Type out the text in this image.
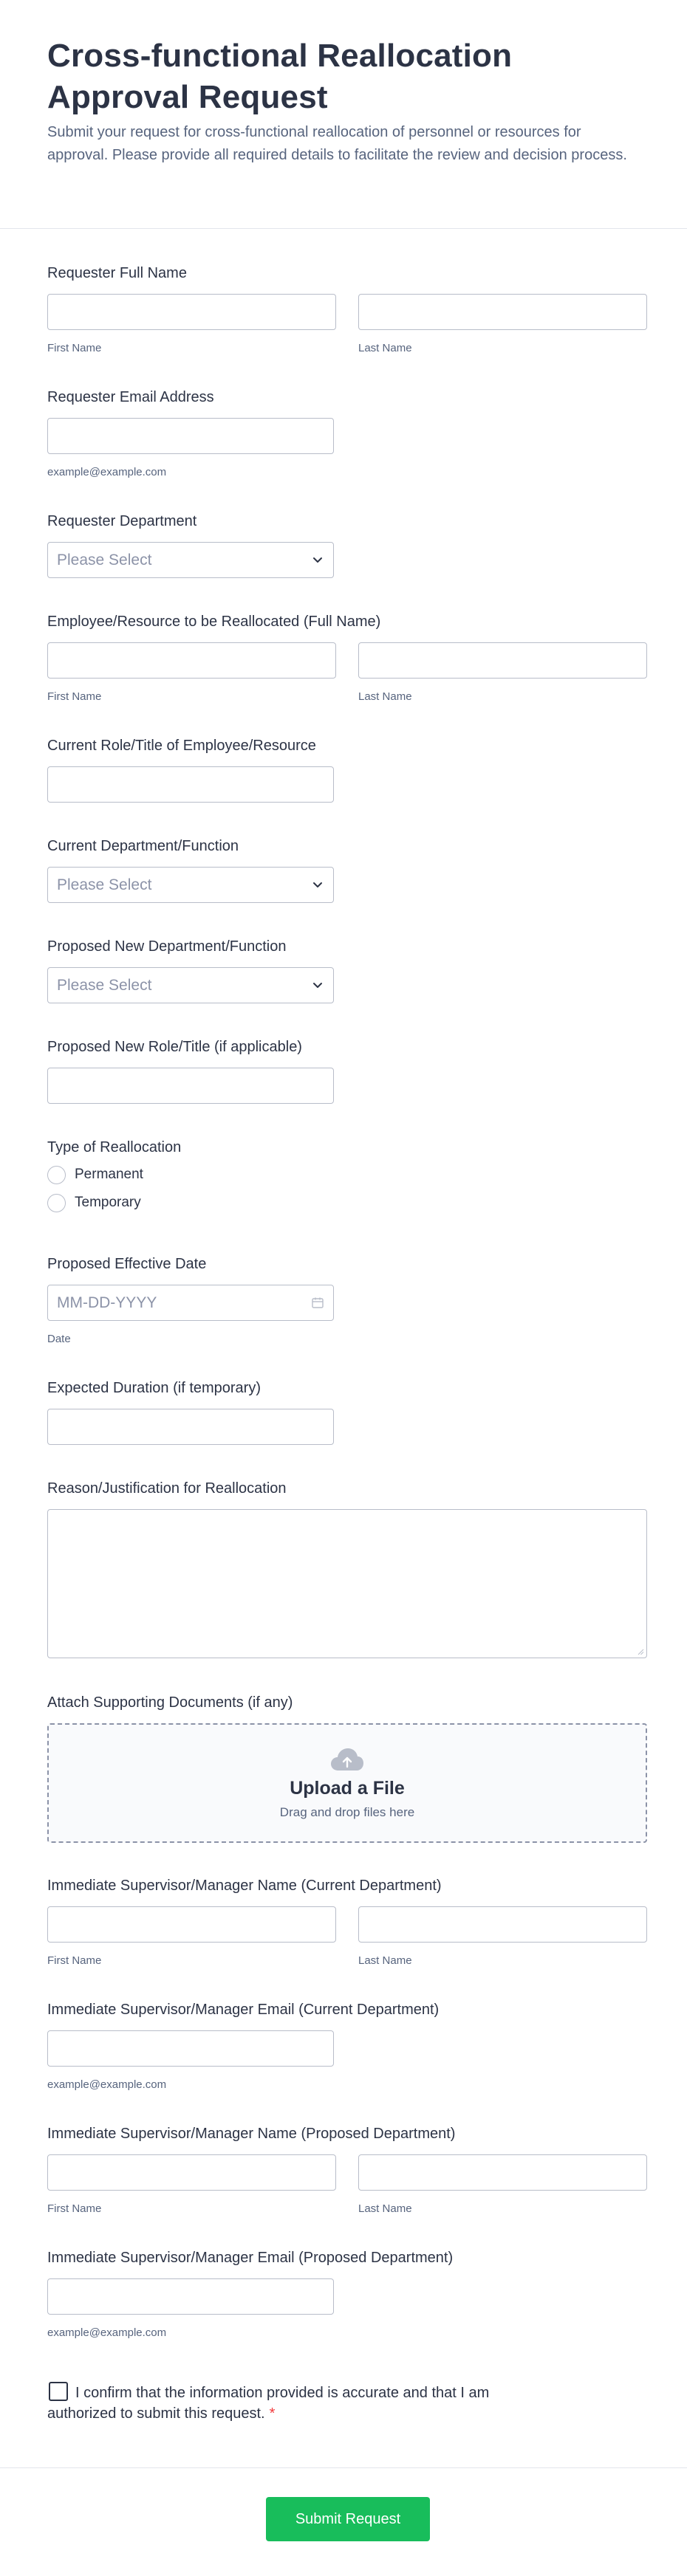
Cross-functional Reallocation Approval Request

Submit your request for cross-functional reallocation of personnel or resources for approval. Please provide all required details to facilitate the review and decision process.

Requester Full Name
First Name	Last Name
Requester Email Address
example@example.com
Requester Department
Please Select
Employee/Resource to be Reallocated (Full Name)
First Name	Last Name
Current Role/Title of Employee/Resource
Current Department/Function
Please Select
Proposed New Department/Function
Please Select
Proposed New Role/Title (if applicable)
Type of Reallocation
Permanent
Temporary
Proposed Effective Date
MM-DD-YYYY
Date
Expected Duration (if temporary)
Reason/Justification for Reallocation
Attach Supporting Documents (if any)
Upload a File
Drag and drop files here
Immediate Supervisor/Manager Name (Current Department)
First Name	Last Name
Immediate Supervisor/Manager Email (Current Department)
example@example.com
Immediate Supervisor/Manager Name (Proposed Department)
First Name	Last Name
Immediate Supervisor/Manager Email (Proposed Department)
example@example.com
I confirm that the information provided is accurate and that I am authorized to submit this request. *
Submit Request
